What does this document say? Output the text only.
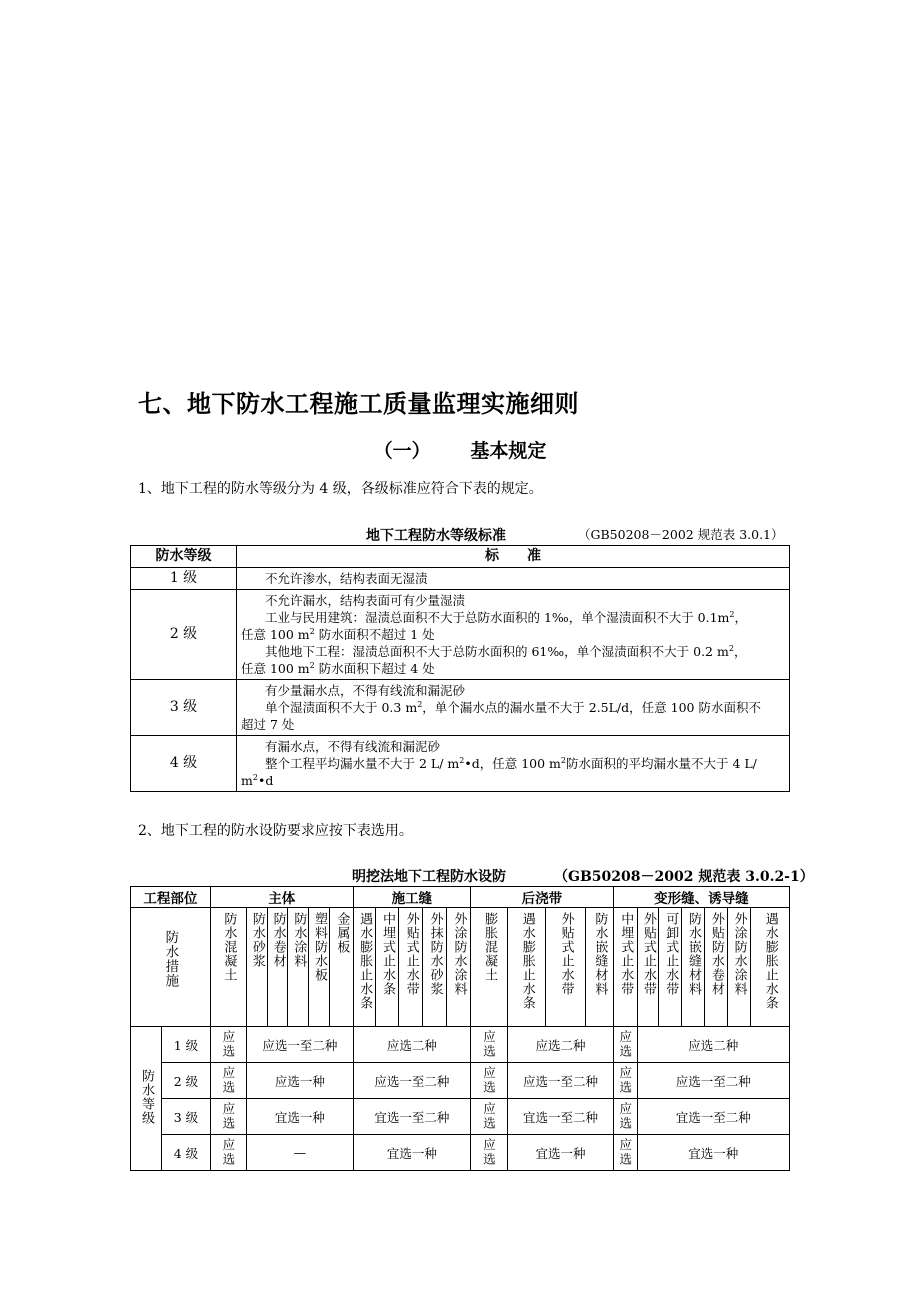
七、地下防水工程施工质量监理实施细则
（一） 基本规定
1、地下工程的防水等级分为 4 级，各级标准应符合下表的规定。
地下工程防水等级标准	（GB50208－2002 规范表 3.0.1）
防水等级	标　　准
1 级	不允许渗水，结构表面无湿渍

2 级	不允许漏水，结构表面可有少量湿渍
工业与民用建筑：湿渍总面积不大于总防水面积的 1‰，单个湿渍面积不大于 $0.1m^2$，
任意 100 $m^2$ 防水面积不超过 1 处
其他地下工程：湿渍总面积不大于总防水面积的 61‰，单个湿渍面积不大于 0.2 $m^2$，
任意 100 $m^2$ 防水面积下超过 4 处

3 级	有少量漏水点，不得有线流和漏泥砂
单个湿渍面积不大于 0.3 $m^2$，单个漏水点的漏水量不大于 2.5L/d，任意 100 防水面积不
超过 7 处

4 级	有漏水点，不得有线流和漏泥砂
整个工程平均漏水量不大于 2 L/ $m^2•d$，任意 100 $m^2$防水面积的平均漏水量不大于 4 L/
$m^2•d$
2、地下工程的防水设防要求应按下表选用。
明挖法地下工程防水设防	（GB50208－2002 规范表 3.0.2-1）
工程部位		主体						施工缝					后浇带				变形缝、诱导缝						

防水措施		防水混凝土	防水砂浆	防水卷材	防水涂料	塑料防水板	金属板	遇水膨胀止水条	中埋式止水条	外贴式止水带	外抹防水砂浆	外涂防水涂料	膨胀混凝土	遇水膨胀止水条	外贴式止水带	防水嵌缝材料	中埋式止水带	外贴式止水带	可卸式止水带	防水嵌缝材料	外贴防水卷材	外涂防水涂料	遇水膨胀止水条

防水等级	1 级	应选	应选一至二种					应选二种					应选	应选二种			应选	应选二种					
	2 级	应选	应选一种					应选一至二种					应选	应选一至二种			应选	应选一至二种					
	3 级	应选	宜选一种					宜选一至二种					应选	宜选一至二种			应选	宜选一至二种					
	4 级	应选	—					宜选一种					应选	宜选一种			应选	宜选一种					
